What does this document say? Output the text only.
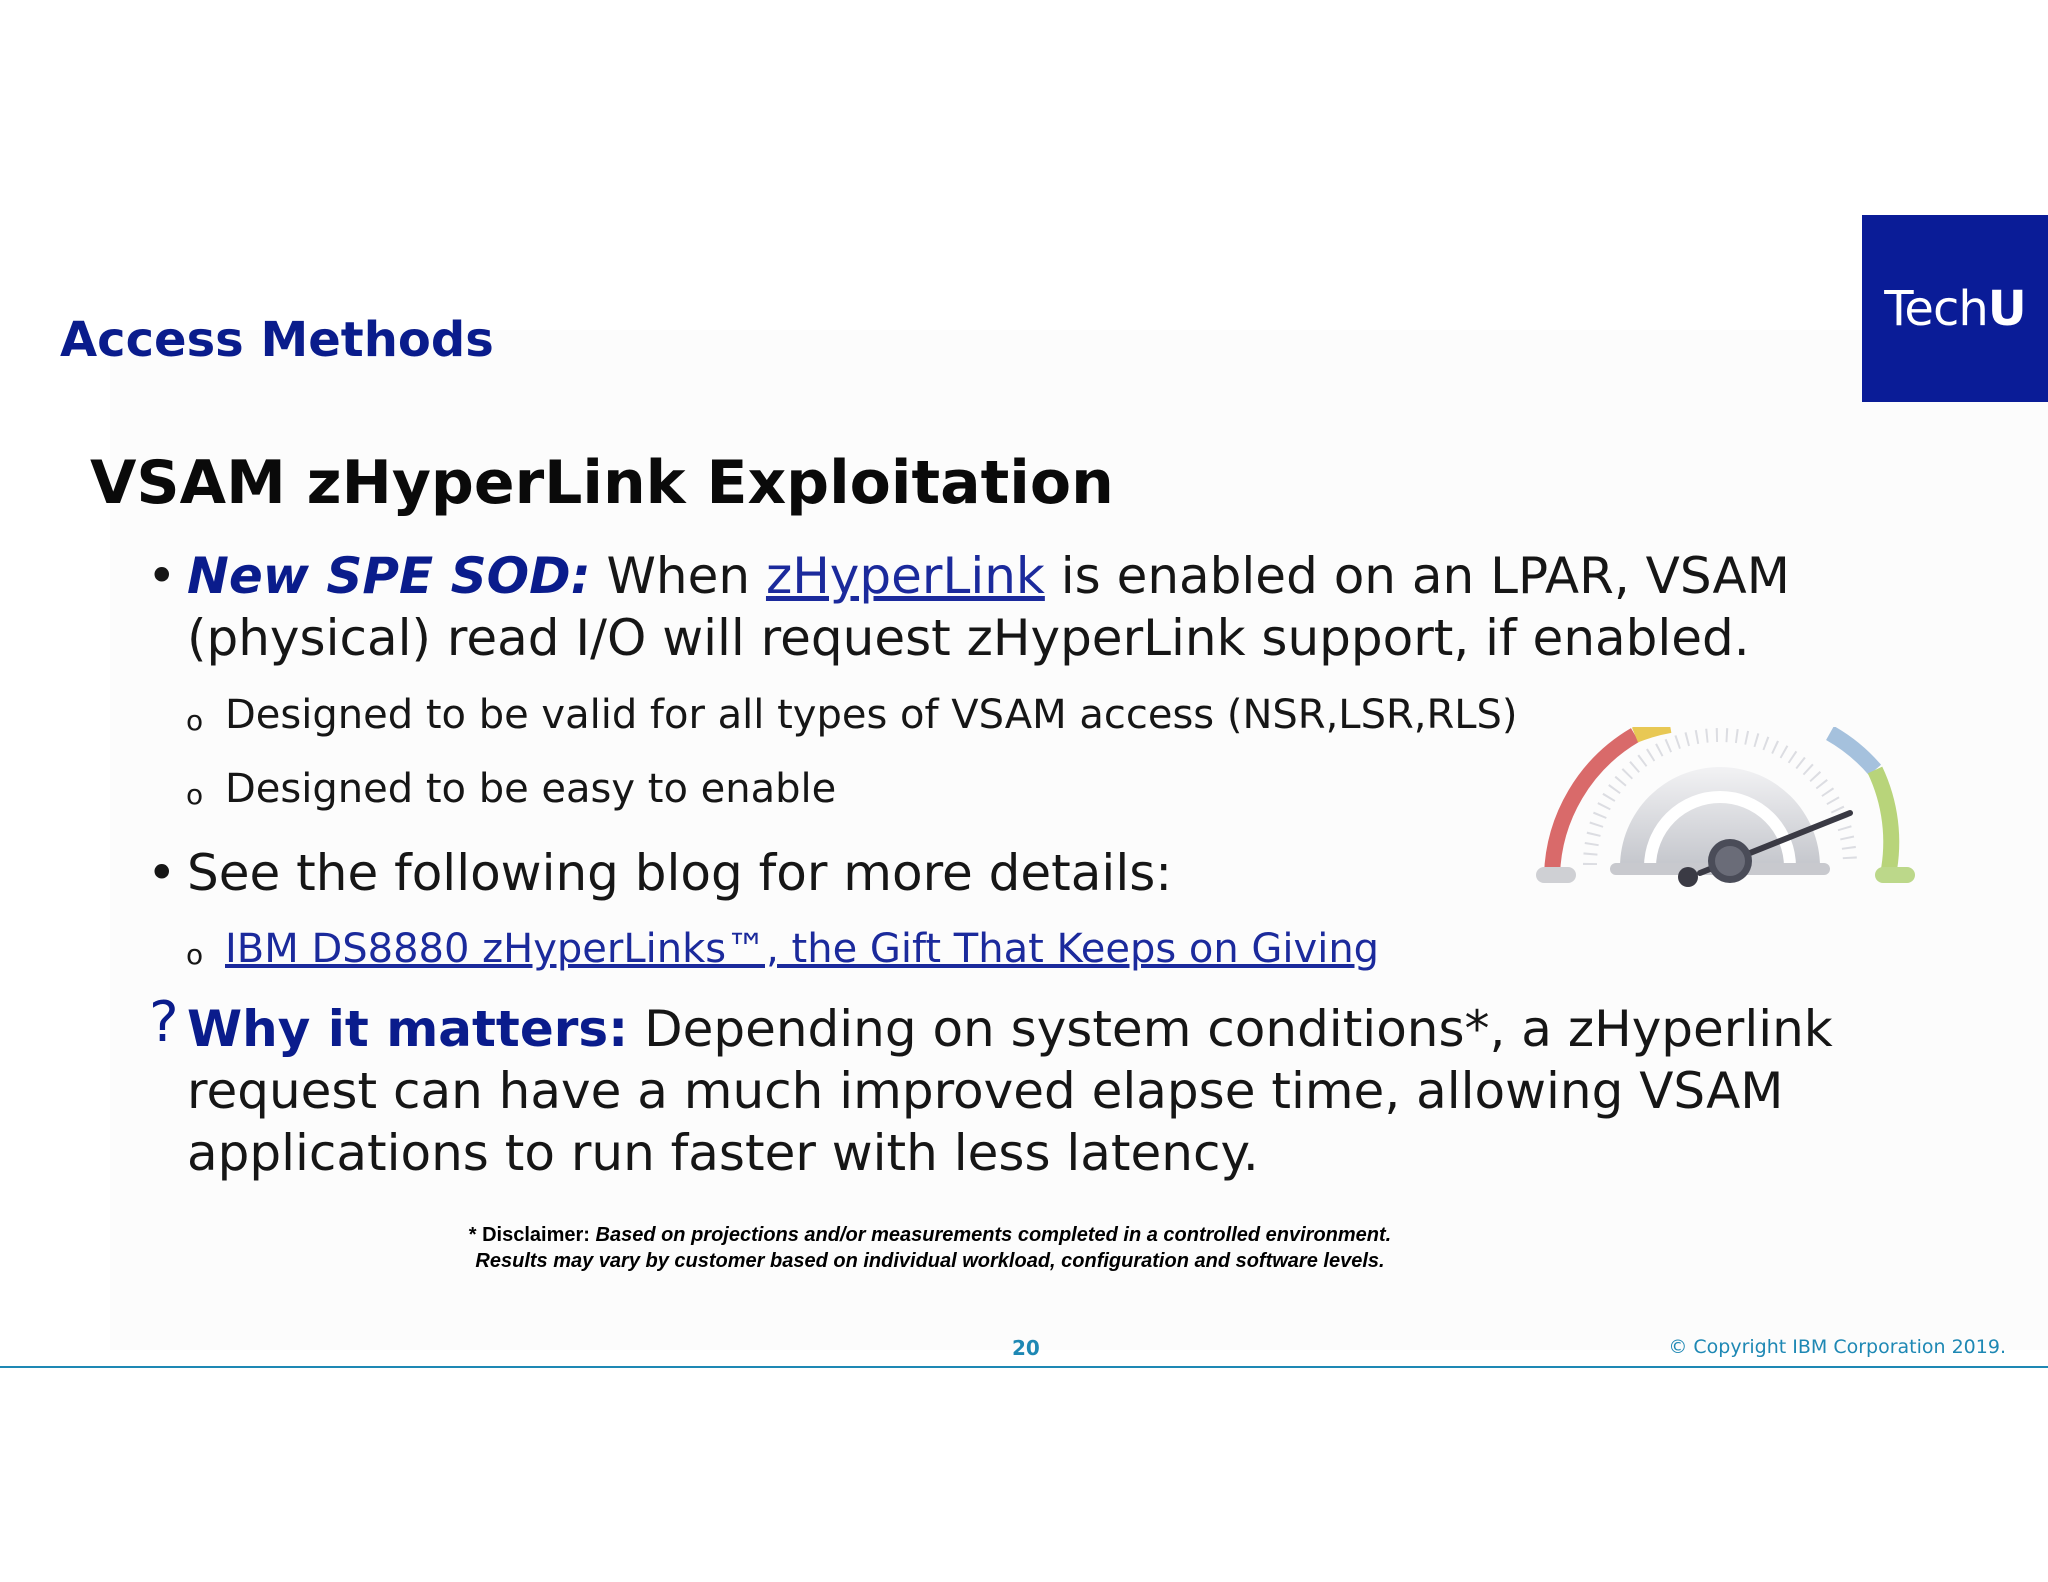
Access Methods
TechU
VSAM zHyperLink Exploitation
• New SPE SOD: When zHyperLink is enabled on an LPAR, VSAM (physical) read I/O will request zHyperLink support, if enabled.
o Designed to be valid for all types of VSAM access (NSR,LSR,RLS)
o Designed to be easy to enable
• See the following blog for more details:
o IBM DS8880 zHyperLinks™, the Gift That Keeps on Giving
? Why it matters: Depending on system conditions*, a zHyperlink request can have a much improved elapse time, allowing VSAM applications to run faster with less latency.
* Disclaimer: Based on projections and/or measurements completed in a controlled environment.
Results may vary by customer based on individual workload, configuration and software levels.
20	© Copyright IBM Corporation 2019.
